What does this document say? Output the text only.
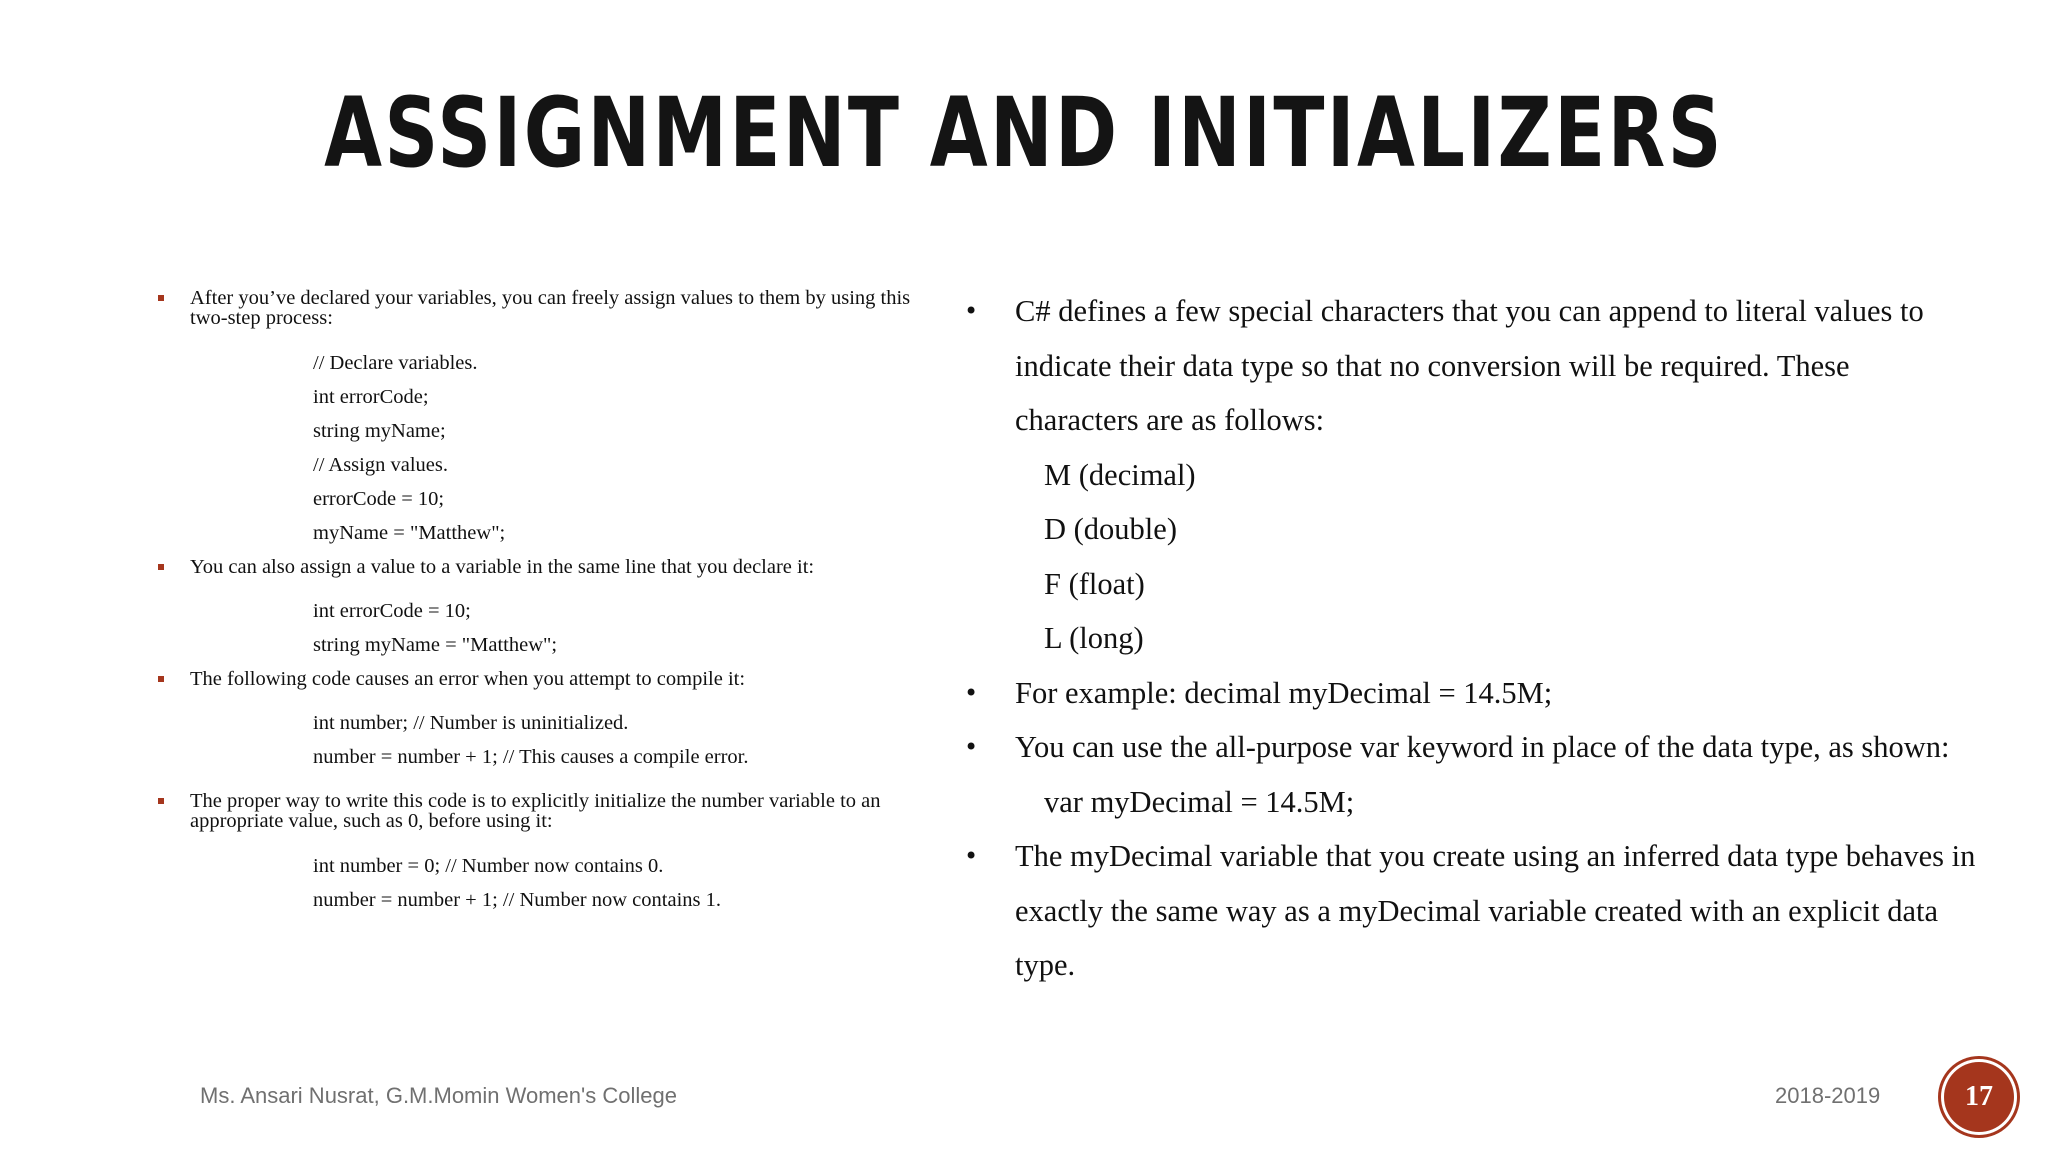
ASSIGNMENT AND INITIALIZERS
After you’ve declared your variables, you can freely assign values to them by using this two-step process:
// Declare variables.
int errorCode;
string myName;
// Assign values.
errorCode = 10;
myName = "Matthew";
You can also assign a value to a variable in the same line that you declare it:
int errorCode = 10;
string myName = "Matthew";
The following code causes an error when you attempt to compile it:
int number; // Number is uninitialized.
number = number + 1; // This causes a compile error.
The proper way to write this code is to explicitly initialize the number variable to an appropriate value, such as 0, before using it:
int number = 0; // Number now contains 0.
number = number + 1; // Number now contains 1.
• C# defines a few special characters that you can append to literal values to indicate their data type so that no conversion will be required. These characters are as follows:
M (decimal)
D (double)
F (float)
L (long)
• For example: decimal myDecimal = 14.5M;
• You can use the all-purpose var keyword in place of the data type, as shown:
var myDecimal = 14.5M;
• The myDecimal variable that you create using an inferred data type behaves in exactly the same way as a myDecimal variable created with an explicit data type.
Ms. Ansari Nusrat, G.M.Momin Women's College	2018-2019	17
